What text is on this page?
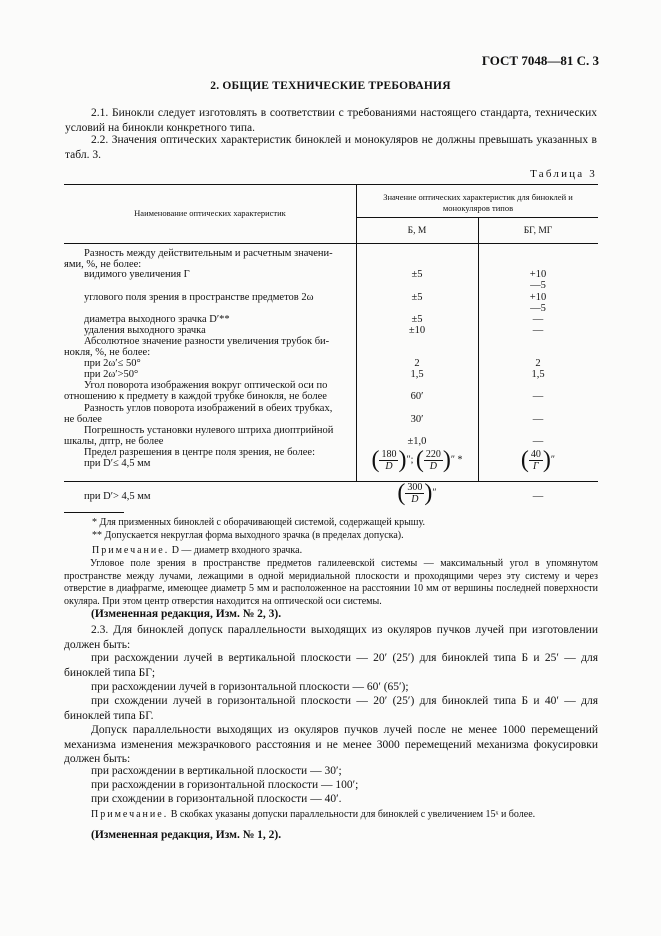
ГОСТ 7048—81 С. 3
2. ОБЩИЕ ТЕХНИЧЕСКИЕ ТРЕБОВАНИЯ
2.1. Бинокли следует изготовлять в соответствии с требованиями настоящего стандарта, технических условий на бинокли конкретного типа.
2.2. Значения оптических характеристик биноклей и монокуляров не должны превышать указанных в табл. 3.
Таблица 3
Наименование оптических характеристик
Значение оптических характеристик для биноклей и монокуляров типов
Б, М	БГ, МГ
Разность между действительным и расчетным значени-
ями, %, не более:
видимого увеличения Г	±5	+10
—5
углового поля зрения в пространстве предметов 2ω	±5	+10
—5
диаметра выходного зрачка D′**	±5	—
удаления выходного зрачка	±10	—
Абсолютное значение разности увеличения трубок би-
нокля, %, не более:
при 2ω′≤ 50°	2	2
при 2ω′>50°	1,5	1,5
Угол поворота изображения вокруг оптической оси по
отношению к предмету в каждой трубке бинокля, не более	60′	—
Разность углов поворота изображений в обеих трубках,
не более	30′	—
Погрешность установки нулевого штриха диоптрийной
шкалы, дптр, не более	±1,0	—
Предел разрешения в центре поля зрения, не более:
при D′≤ 4,5 мм	( $\frac{180}{D}$ )″; ( $\frac{220}{D}$ )″ *	( $\frac{40}{Г}$ )″
при D′> 4,5 мм	( $\frac{300}{D}$ )″	—
* Для призменных биноклей с оборачивающей системой, содержащей крышу.
** Допускается некруглая форма выходного зрачка (в пределах допуска).
Примечание. D — диаметр входного зрачка.
Угловое поле зрения в пространстве предметов галилеевской системы — максимальный угол в упомянутом пространстве между лучами, лежащими в одной меридиальной плоскости и проходящими через эту систему и через отверстие в диафрагме, имеющее диаметр 5 мм и расположенное на расстоянии 10 мм от вершины последней поверхности окуляра. При этом центр отверстия находится на оптической оси системы.
(Измененная редакция, Изм. № 2, 3).
2.3. Для биноклей допуск параллельности выходящих из окуляров пучков лучей при изготовлении должен быть:
при расхождении лучей в вертикальной плоскости — 20′ (25′) для биноклей типа Б и 25′ — для биноклей типа БГ;
при расхождении лучей в горизонтальной плоскости — 60′ (65′);
при схождении лучей в горизонтальной плоскости — 20′ (25′) для биноклей типа Б и 40′ — для биноклей типа БГ.
Допуск параллельности выходящих из окуляров пучков лучей после не менее 1000 перемещений механизма изменения межзрачкового расстояния и не менее 3000 перемещений механизма фокусировки должен быть:
при расхождении в вертикальной плоскости — 30′;
при расхождении в горизонтальной плоскости — 100′;
при схождении в горизонтальной плоскости — 40′.
Примечание. В скобках указаны допуски параллельности для биноклей с увеличением 15ˣ и более.
(Измененная редакция, Изм. № 1, 2).
